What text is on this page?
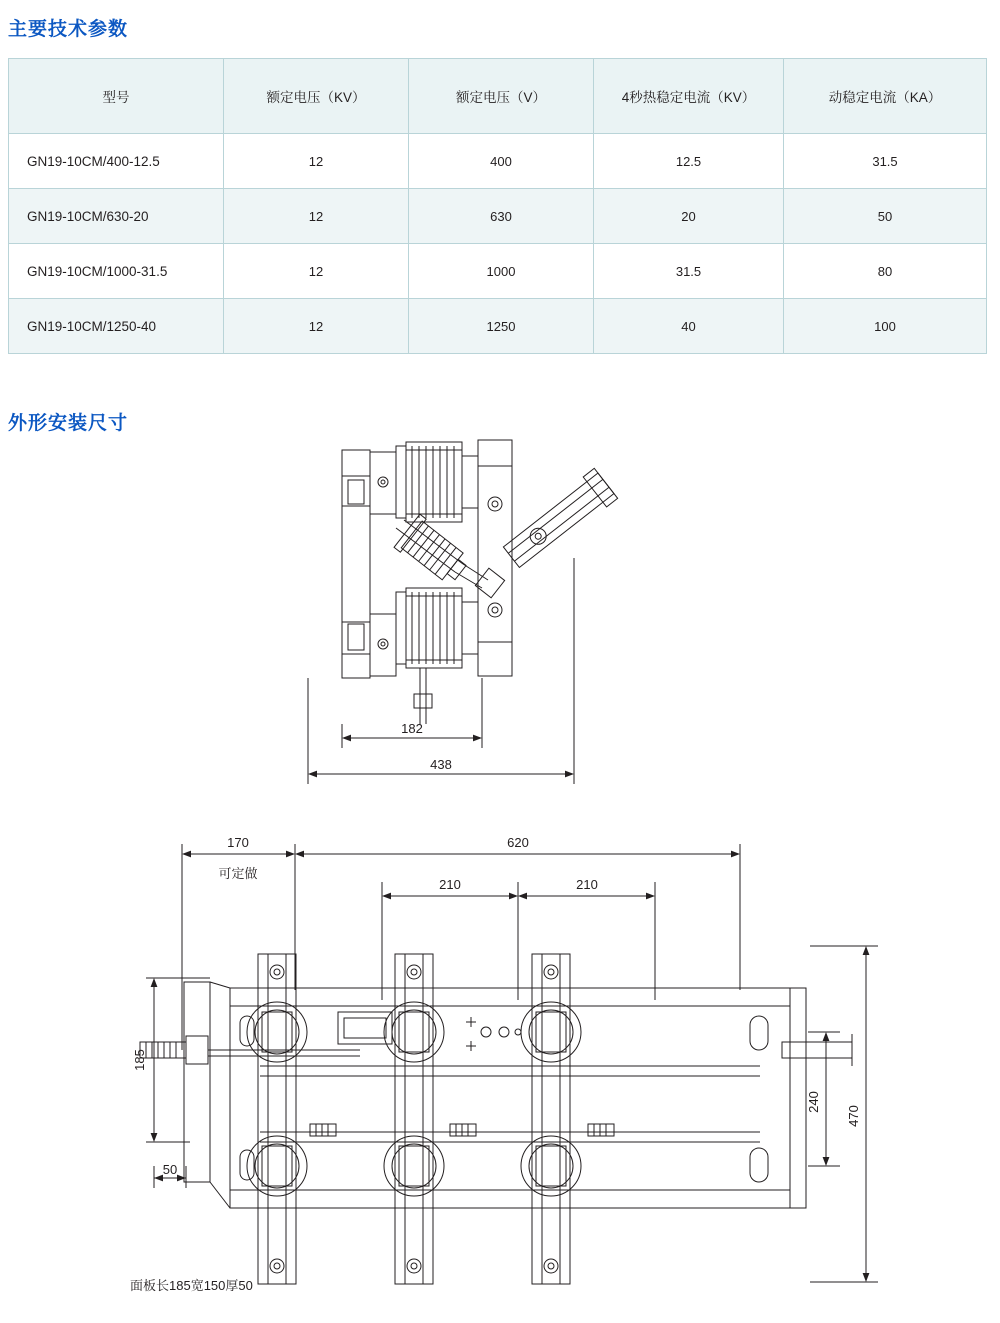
主要技术参数
型号	额定电压（KV）	额定电压（V）	4秒热稳定电流（KV）	动稳定电流（KA）
GN19-10CM/400-12.5	12	400	12.5	31.5
GN19-10CM/630-20	12	630	20	50
GN19-10CM/1000-31.5	12	1000	31.5	80
GN19-10CM/1250-40	12	1250	40	100
外形安装尺寸
182
438
170	620
210	210
可定做
185
50
240
470
面板长185宽150厚50
